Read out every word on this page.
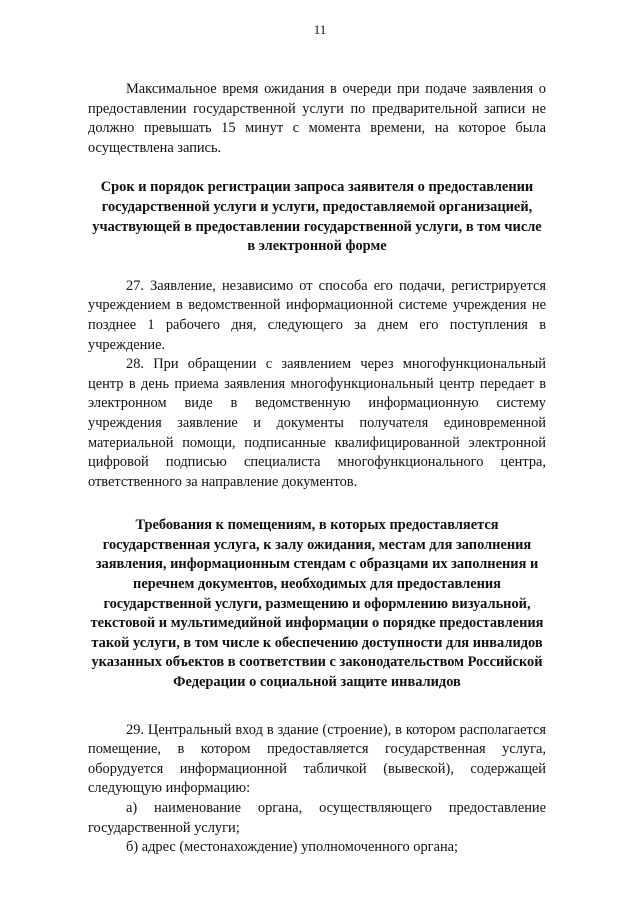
11

Максимальное время ожидания в очереди при подаче заявления о предоставлении государственной услуги по предварительной записи не должно превышать 15 минут с момента времени, на которое была осуществлена запись.

Срок и порядок регистрации запроса заявителя о предоставлении государственной услуги и услуги, предоставляемой организацией, участвующей в предоставлении государственной услуги, в том числе в электронной форме

27. Заявление, независимо от способа его подачи, регистрируется учреждением в ведомственной информационной системе учреждения не позднее 1 рабочего дня, следующего за днем его поступления в учреждение.

28. При обращении с заявлением через многофункциональный центр в день приема заявления многофункциональный центр передает в электронном виде в ведомственную информационную систему учреждения заявление и документы получателя единовременной материальной помощи, подписанные квалифицированной электронной цифровой подписью специалиста многофункционального центра, ответственного за направление документов.

Требования к помещениям, в которых предоставляется государственная услуга, к залу ожидания, местам для заполнения заявления, информационным стендам с образцами их заполнения и перечнем документов, необходимых для предоставления государственной услуги, размещению и оформлению визуальной, текстовой и мультимедийной информации о порядке предоставления такой услуги, в том числе к обеспечению доступности для инвалидов указанных объектов в соответствии с законодательством Российской Федерации о социальной защите инвалидов

29. Центральный вход в здание (строение), в котором располагается помещение, в котором предоставляется государственная услуга, оборудуется информационной табличкой (вывеской), содержащей следующую информацию:

а) наименование органа, осуществляющего предоставление государственной услуги;

б) адрес (местонахождение) уполномоченного органа;
